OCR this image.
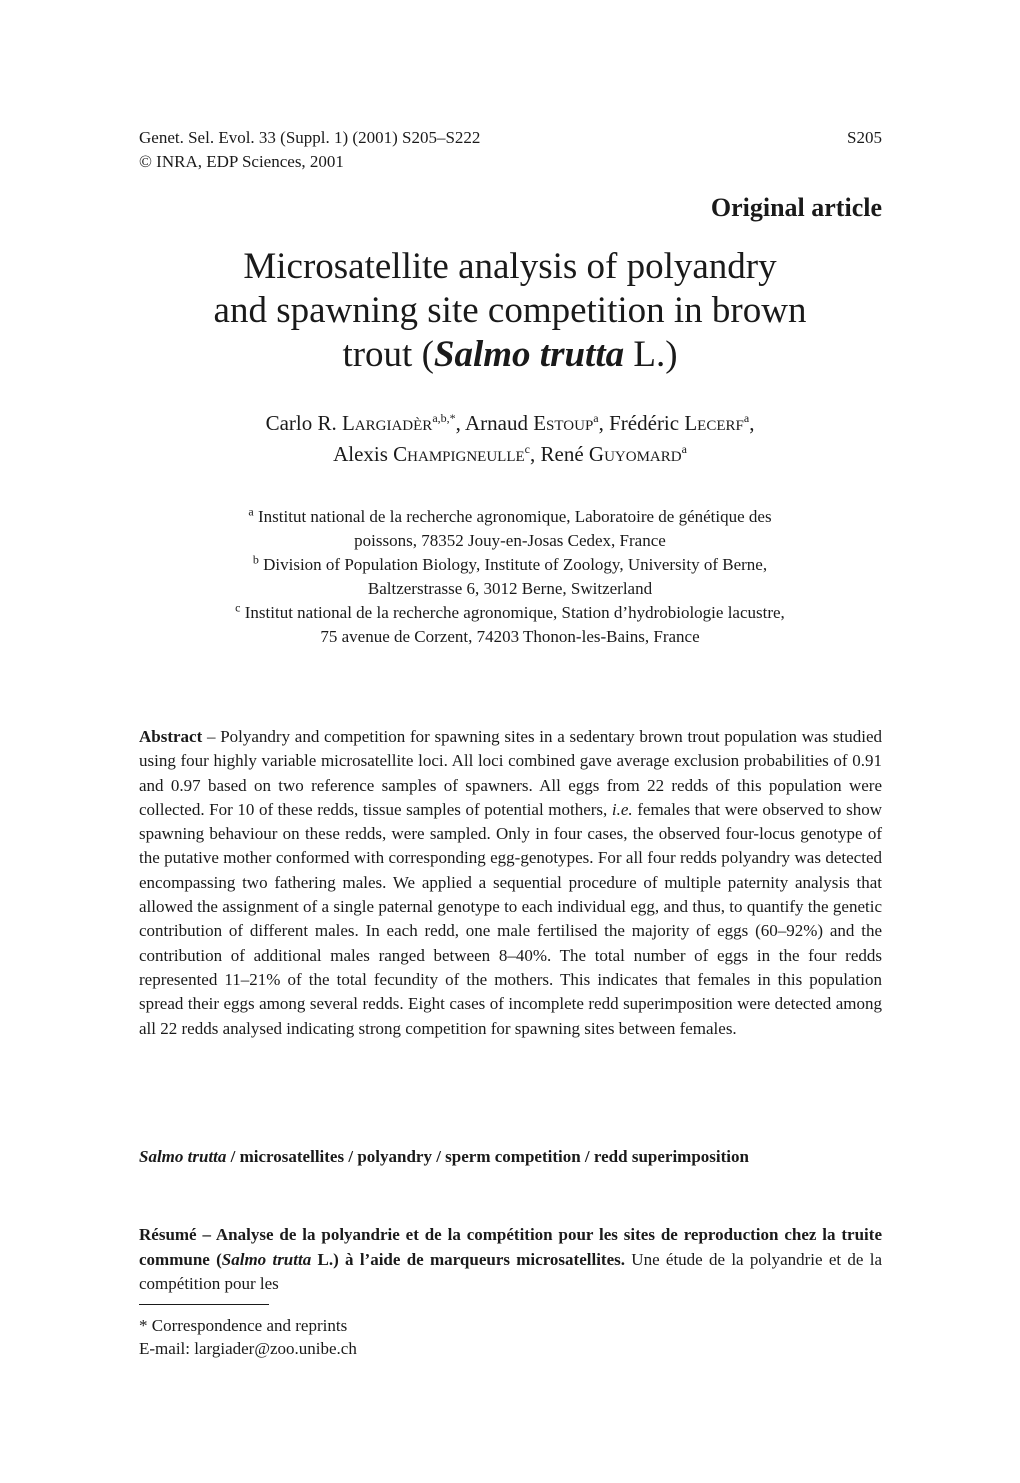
Genet. Sel. Evol. 33 (Suppl. 1) (2001) S205–S222	S205
© INRA, EDP Sciences, 2001
Original article
Microsatellite analysis of polyandry
and spawning site competition in brown
trout (Salmo trutta L.)
Carlo R. Largiadèr$^{a,b,*}$, Arnaud Estoup$^a$, Frédéric Lecerf$^a$,
Alexis Champigneulle$^c$, René Guyomard$^a$
$^a$ Institut national de la recherche agronomique, Laboratoire de génétique des
poissons, 78352 Jouy-en-Josas Cedex, France
$^b$ Division of Population Biology, Institute of Zoology, University of Berne,
Baltzerstrasse 6, 3012 Berne, Switzerland
$^c$ Institut national de la recherche agronomique, Station d’hydrobiologie lacustre,
75 avenue de Corzent, 74203 Thonon-les-Bains, France
Abstract – Polyandry and competition for spawning sites in a sedentary brown trout population was studied using four highly variable microsatellite loci. All loci combined gave average exclusion probabilities of 0.91 and 0.97 based on two reference samples of spawners. All eggs from 22 redds of this population were collected. For 10 of these redds, tissue samples of potential mothers, i.e. females that were observed to show spawning behaviour on these redds, were sampled. Only in four cases, the observed four-locus genotype of the putative mother conformed with corresponding egg-genotypes. For all four redds polyandry was detected encompassing two fathering males. We applied a sequential procedure of multiple paternity analysis that allowed the assignment of a single paternal genotype to each individual egg, and thus, to quantify the genetic contribution of different males. In each redd, one male fertilised the majority of eggs (60–92%) and the contribution of additional males ranged between 8–40%. The total number of eggs in the four redds represented 11–21% of the total fecundity of the mothers. This indicates that females in this population spread their eggs among several redds. Eight cases of incomplete redd superimposition were detected among all 22 redds analysed indicating strong competition for spawning sites between females.
Salmo trutta / microsatellites / polyandry / sperm competition / redd superimposition
Résumé – Analyse de la polyandrie et de la compétition pour les sites de reproduction chez la truite commune (Salmo trutta L.) à l’aide de marqueurs microsatellites. Une étude de la polyandrie et de la compétition pour les
* Correspondence and reprints
E-mail: largiader@zoo.unibe.ch
